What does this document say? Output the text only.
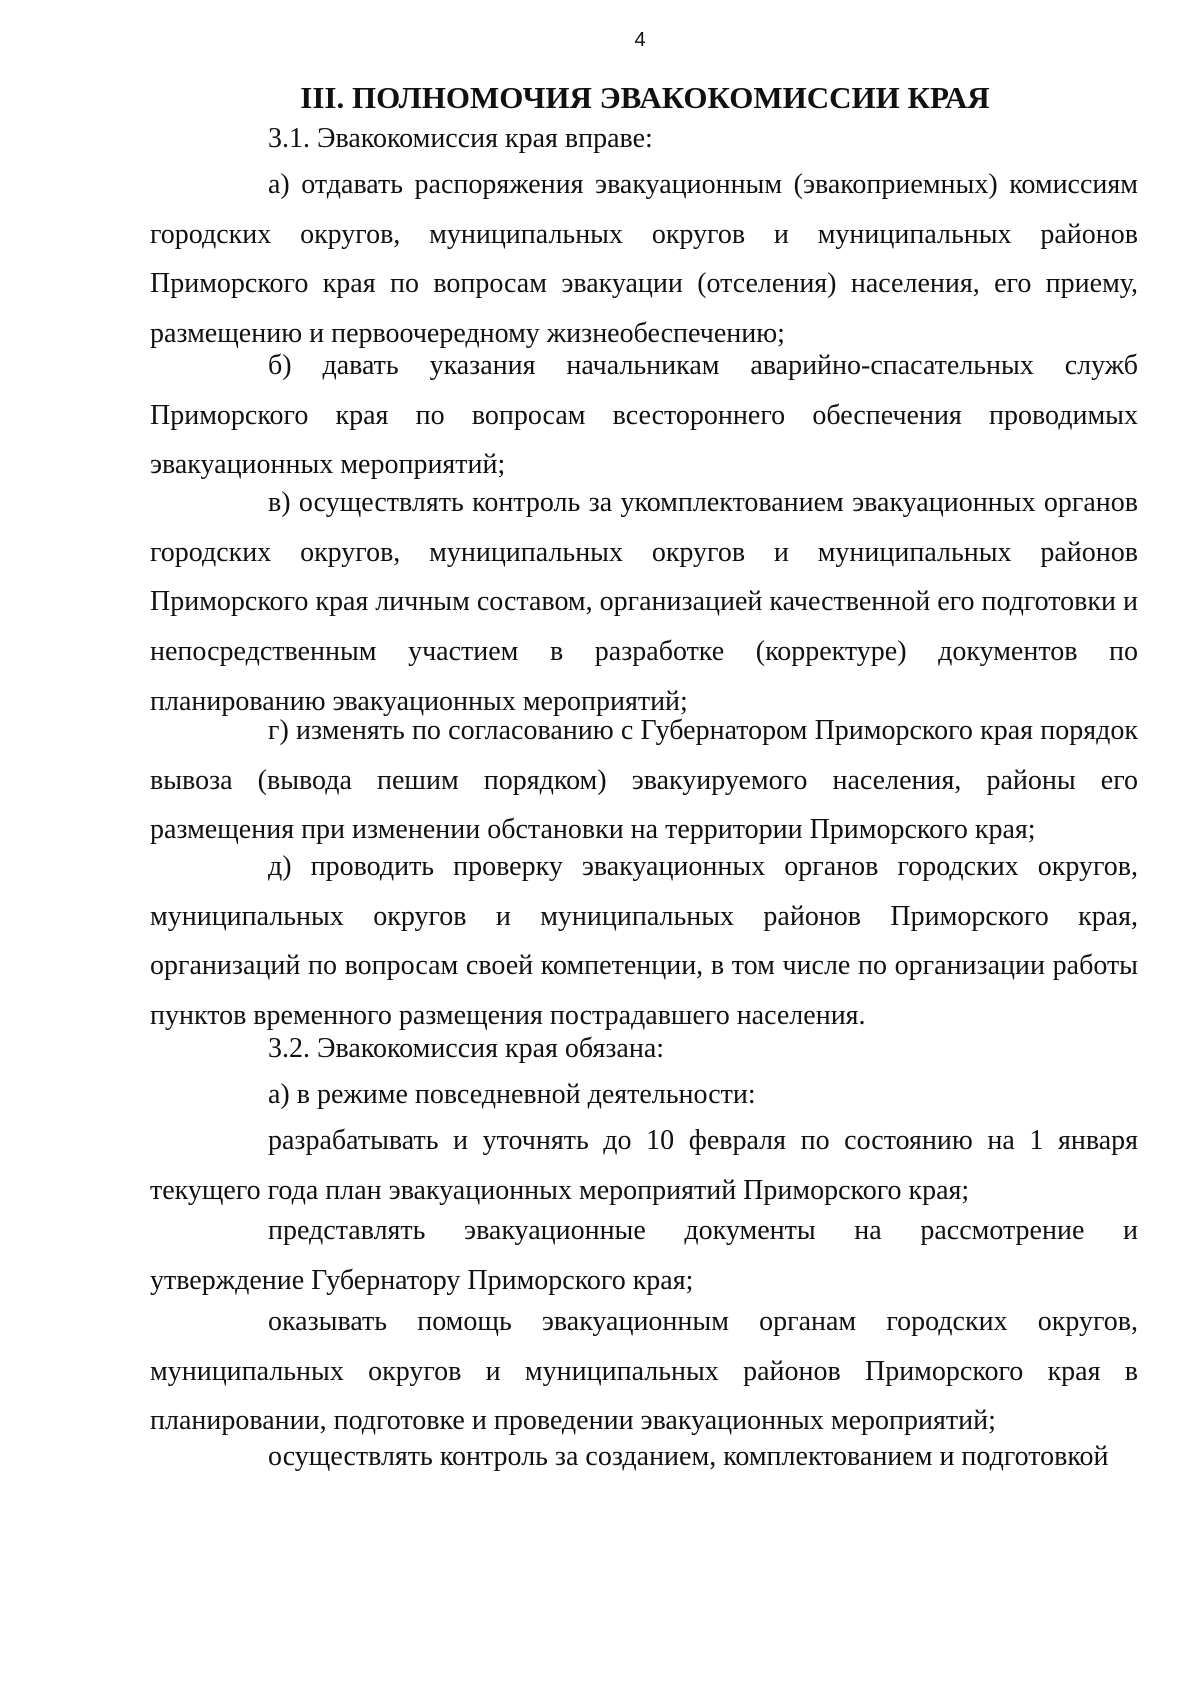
4
III. ПОЛНОМОЧИЯ ЭВАКОКОМИССИИ КРАЯ

3.1. Эвакокомиссия края вправе:

а) отдавать распоряжения эвакуационным (эвакоприемных) комиссиям городских округов, муниципальных округов и муниципальных районов Приморского края по вопросам эвакуации (отселения) населения, его приему, размещению и первоочередному жизнеобеспечению;

б) давать указания начальникам аварийно-спасательных служб Приморского края по вопросам всестороннего обеспечения проводимых эвакуационных мероприятий;

в) осуществлять контроль за укомплектованием эвакуационных органов городских округов, муниципальных округов и муниципальных районов Приморского края личным составом, организацией качественной его подготовки и непосредственным участием в разработке (корректуре) документов по планированию эвакуационных мероприятий;

г) изменять по согласованию с Губернатором Приморского края порядок вывоза (вывода пешим порядком) эвакуируемого населения, районы его размещения при изменении обстановки на территории Приморского края;

д) проводить проверку эвакуационных органов городских округов, муниципальных округов и муниципальных районов Приморского края, организаций по вопросам своей компетенции, в том числе по организации работы пунктов временного размещения пострадавшего населения.

3.2. Эвакокомиссия края обязана:

а) в режиме повседневной деятельности:

разрабатывать и уточнять до 10 февраля по состоянию на 1 января текущего года план эвакуационных мероприятий Приморского края;

представлять эвакуационные документы на рассмотрение и утверждение Губернатору Приморского края;

оказывать помощь эвакуационным органам городских округов, муниципальных округов и муниципальных районов Приморского края в планировании, подготовке и проведении эвакуационных мероприятий;

осуществлять контроль за созданием, комплектованием и подготовкой
